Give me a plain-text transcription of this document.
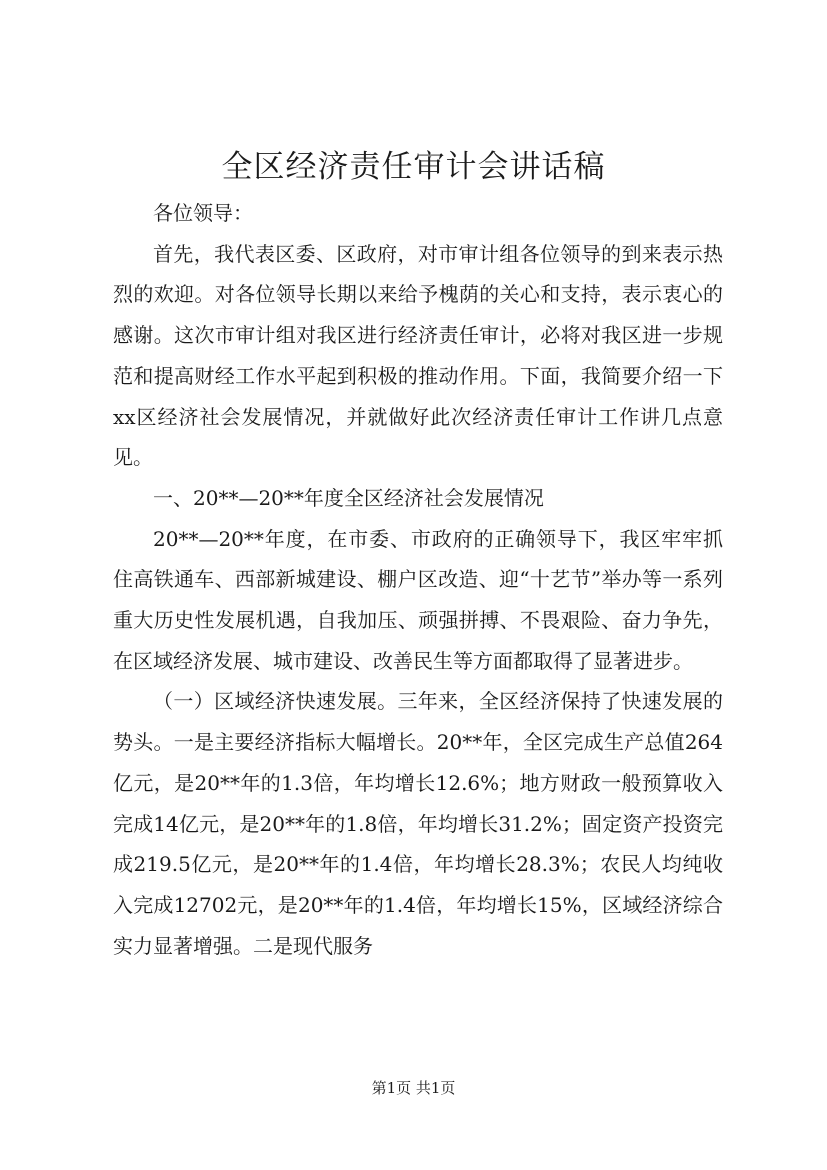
全区经济责任审计会讲话稿

各位领导：

首先，我代表区委、区政府，对市审计组各位领导的到来表示热烈的欢迎。对各位领导长期以来给予槐荫的关心和支持，表示衷心的感谢。这次市审计组对我区进行经济责任审计，必将对我区进一步规范和提高财经工作水平起到积极的推动作用。下面，我简要介绍一下xx区经济社会发展情况，并就做好此次经济责任审计工作讲几点意见。

一、20**—20**年度全区经济社会发展情况

20**—20**年度，在市委、市政府的正确领导下，我区牢牢抓住高铁通车、西部新城建设、棚户区改造、迎“十艺节”举办等一系列重大历史性发展机遇，自我加压、顽强拼搏、不畏艰险、奋力争先，在区域经济发展、城市建设、改善民生等方面都取得了显著进步。

（一）区域经济快速发展。三年来，全区经济保持了快速发展的势头。一是主要经济指标大幅增长。20**年，全区完成生产总值264亿元，是20**年的1.3倍，年均增长12.6%；地方财政一般预算收入完成14亿元，是20**年的1.8倍，年均增长31.2%；固定资产投资完成219.5亿元，是20**年的1.4倍，年均增长28.3%；农民人均纯收入完成12702元，是20**年的1.4倍，年均增长15%，区域经济综合实力显著增强。二是现代服务

第1页 共1页
